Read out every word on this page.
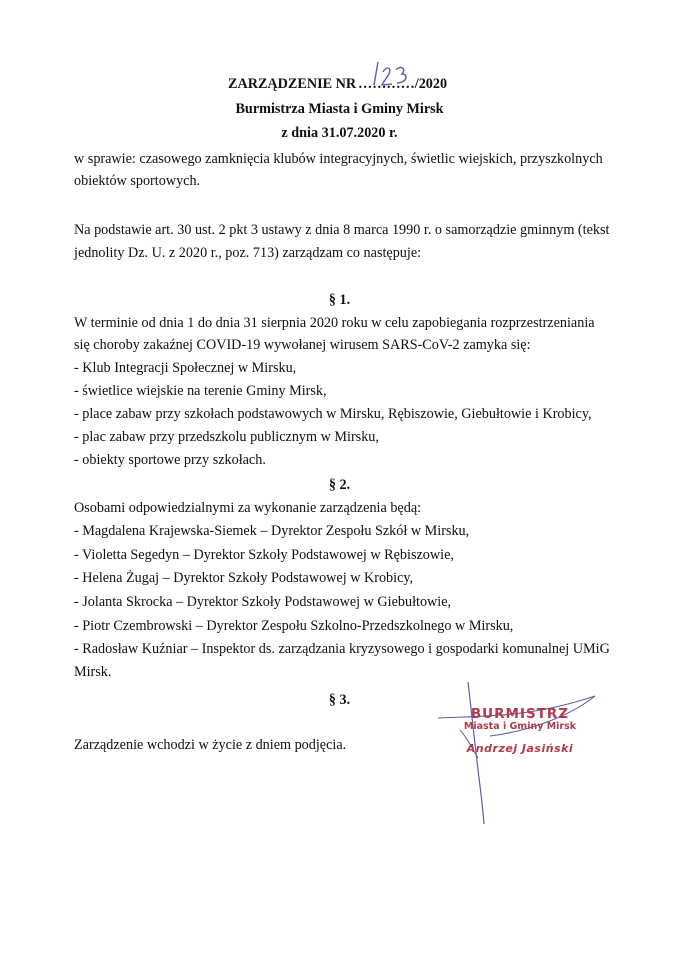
ZARZĄDZENIE NR …………/2020
Burmistrza Miasta i Gminy Mirsk
z dnia 31.07.2020 r.
w sprawie: czasowego zamknięcia klubów integracyjnych, świetlic wiejskich, przyszkolnych
obiektów sportowych.
Na podstawie art. 30 ust. 2 pkt 3 ustawy z dnia 8 marca 1990 r. o samorządzie gminnym (tekst
jednolity Dz. U. z 2020 r., poz. 713) zarządzam co następuje:
§ 1.
W terminie od dnia 1 do dnia 31 sierpnia 2020 roku w celu zapobiegania rozprzestrzeniania
się choroby zakaźnej COVID-19 wywołanej wirusem SARS-CoV-2 zamyka się:
- Klub Integracji Społecznej w Mirsku,
- świetlice wiejskie na terenie Gminy Mirsk,
- place zabaw przy szkołach podstawowych w Mirsku, Rębiszowie, Giebułtowie i Krobicy,
- plac zabaw przy przedszkolu publicznym w Mirsku,
- obiekty sportowe przy szkołach.
§ 2.
Osobami odpowiedzialnymi za wykonanie zarządzenia będą:
- Magdalena Krajewska-Siemek – Dyrektor Zespołu Szkół w Mirsku,
- Violetta Segedyn – Dyrektor Szkoły Podstawowej w Rębiszowie,
- Helena Żugaj – Dyrektor Szkoły Podstawowej w Krobicy,
- Jolanta Skrocka – Dyrektor Szkoły Podstawowej w Giebułtowie,
- Piotr Czembrowski – Dyrektor Zespołu Szkolno-Przedszkolnego w Mirsku,
- Radosław Kuźniar – Inspektor ds. zarządzania kryzysowego i gospodarki komunalnej UMiG
Mirsk.
§ 3.
Zarządzenie wchodzi w życie z dniem podjęcia.
BURMISTRZ
Miasta i Gminy Mirsk
Andrzej Jasiński
